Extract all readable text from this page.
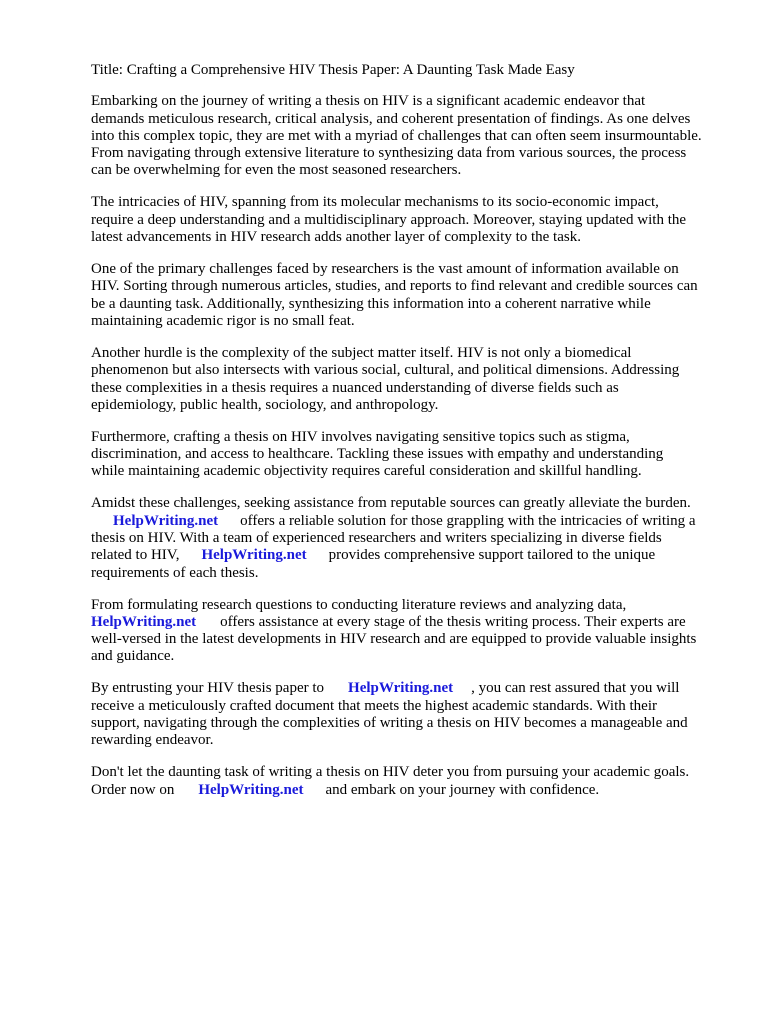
Title: Crafting a Comprehensive HIV Thesis Paper: A Daunting Task Made Easy
Embarking on the journey of writing a thesis on HIV is a significant academic endeavor that
demands meticulous research, critical analysis, and coherent presentation of findings. As one delves
into this complex topic, they are met with a myriad of challenges that can often seem insurmountable.
From navigating through extensive literature to synthesizing data from various sources, the process
can be overwhelming for even the most seasoned researchers.
The intricacies of HIV, spanning from its molecular mechanisms to its socio-economic impact,
require a deep understanding and a multidisciplinary approach. Moreover, staying updated with the
latest advancements in HIV research adds another layer of complexity to the task.
One of the primary challenges faced by researchers is the vast amount of information available on
HIV. Sorting through numerous articles, studies, and reports to find relevant and credible sources can
be a daunting task. Additionally, synthesizing this information into a coherent narrative while
maintaining academic rigor is no small feat.
Another hurdle is the complexity of the subject matter itself. HIV is not only a biomedical
phenomenon but also intersects with various social, cultural, and political dimensions. Addressing
these complexities in a thesis requires a nuanced understanding of diverse fields such as
epidemiology, public health, sociology, and anthropology.
Furthermore, crafting a thesis on HIV involves navigating sensitive topics such as stigma,
discrimination, and access to healthcare. Tackling these issues with empathy and understanding
while maintaining academic objectivity requires careful consideration and skillful handling.
Amidst these challenges, seeking assistance from reputable sources can greatly alleviate the burden.
HelpWriting.net offers a reliable solution for those grappling with the intricacies of writing a
thesis on HIV. With a team of experienced researchers and writers specializing in diverse fields
related to HIV, HelpWriting.net provides comprehensive support tailored to the unique
requirements of each thesis.
From formulating research questions to conducting literature reviews and analyzing data,
HelpWriting.net offers assistance at every stage of the thesis writing process. Their experts are
well-versed in the latest developments in HIV research and are equipped to provide valuable insights
and guidance.
By entrusting your HIV thesis paper to HelpWriting.net , you can rest assured that you will
receive a meticulously crafted document that meets the highest academic standards. With their
support, navigating through the complexities of writing a thesis on HIV becomes a manageable and
rewarding endeavor.
Don't let the daunting task of writing a thesis on HIV deter you from pursuing your academic goals.
Order now on HelpWriting.net and embark on your journey with confidence.
